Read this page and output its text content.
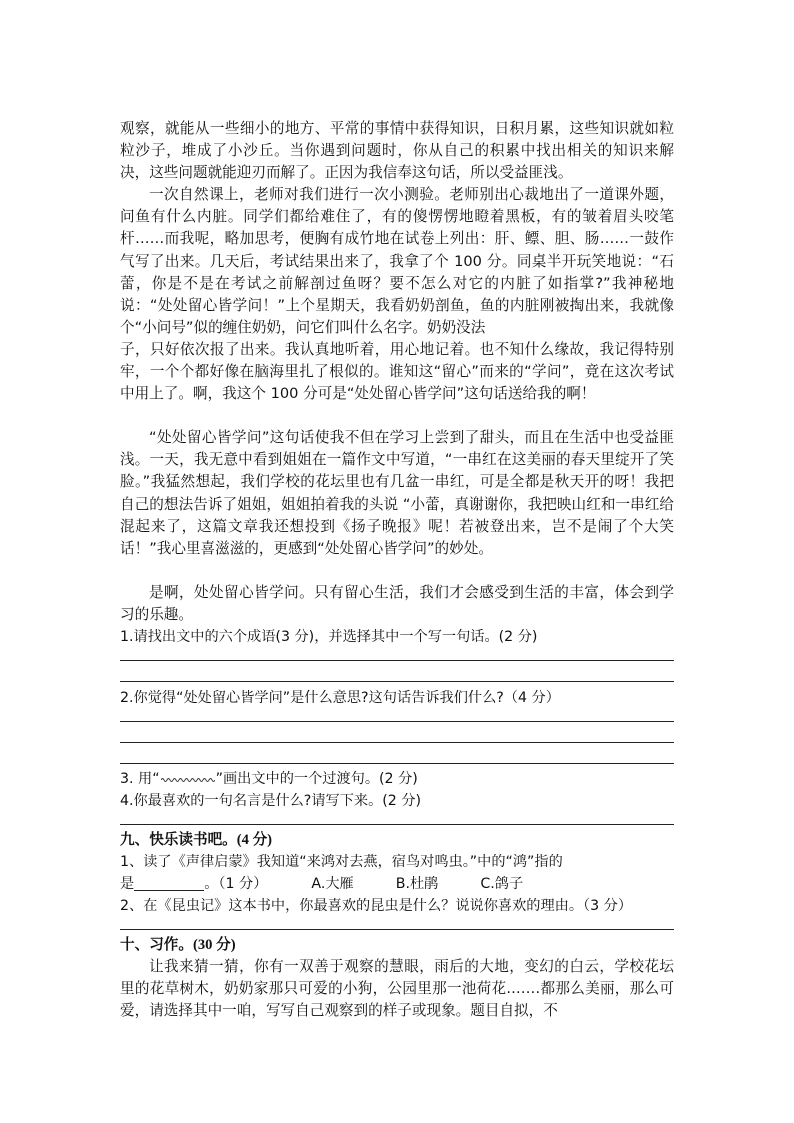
观察，就能从一些细小的地方、平常的事情中获得知识，日积月累，这些知识就如粒粒沙子，堆成了小沙丘。当你遇到问题时，你从自己的积累中找出相关的知识来解决，这些问题就能迎刃而解了。正因为我信奉这句话，所以受益匪浅。

一次自然课上，老师对我们进行一次小测验。老师别出心裁地出了一道课外题，问鱼有什么内脏。同学们都给难住了，有的傻愣愣地瞪着黑板，有的皱着眉头咬笔杆……而我呢，略加思考，便胸有成竹地在试卷上列出：肝、鳔、胆、肠……一鼓作气写了出来。几天后，考试结果出来了，我拿了个 100 分。同桌半开玩笑地说：“石蕾，你是不是在考试之前解剖过鱼呀？要不怎么对它的内脏了如指掌?”我神秘地说：“处处留心皆学问！”上个星期天，我看奶奶剖鱼，鱼的内脏刚被掏出来，我就像个“小问号”似的缠住奶奶，问它们叫什么名字。奶奶没法

子，只好依次报了出来。我认真地听着，用心地记着。也不知什么缘故，我记得特别牢，一个个都好像在脑海里扎了根似的。谁知这“留心”而来的“学问”，竟在这次考试中用上了。啊，我这个 100 分可是“处处留心皆学问”这句话送给我的啊！

“处处留心皆学问”这句话使我不但在学习上尝到了甜头，而且在生活中也受益匪浅。一天，我无意中看到姐姐在一篇作文中写道，“一串红在这美丽的春天里绽开了笑脸。”我猛然想起，我们学校的花坛里也有几盆一串红，可是全都是秋天开的呀！我把自己的想法告诉了姐姐，姐姐拍着我的头说 “小蕾，真谢谢你，我把映山红和一串红给混起来了，这篇文章我还想投到《扬子晚报》呢！若被登出来，岂不是闹了个大笑话！”我心里喜滋滋的，更感到“处处留心皆学问”的妙处。

是啊，处处留心皆学问。只有留心生活，我们才会感受到生活的丰富，体会到学习的乐趣。

1.请找出文中的六个成语(3 分)，并选择其中一个写一句话。(2 分)

2.你觉得“处处留心皆学问”是什么意思?这句话告诉我们什么?（4 分）

3. 用“	”画出文中的一个过渡句。(2 分)

4.你最喜欢的一句名言是什么?请写下来。(2 分)

九、快乐读书吧。(4 分)

1、读了《声律启蒙》我知道“来鸿对去燕，宿鸟对鸣虫。”中的“鸿”指的

是	。（1 分）	A.大雁	B.杜鹃	C.鸽子

2、在《昆虫记》这本书中，你最喜欢的昆虫是什么？说说你喜欢的理由。（3 分）

十、习作。(30 分)

让我来猜一猜，你有一双善于观察的慧眼，雨后的大地，变幻的白云，学校花坛里的花草树木，奶奶家那只可爱的小狗，公园里那一池荷花.……都那么美丽，那么可爱，请选择其中一咱，写写自己观察到的样子或现象。题目自拟，不
